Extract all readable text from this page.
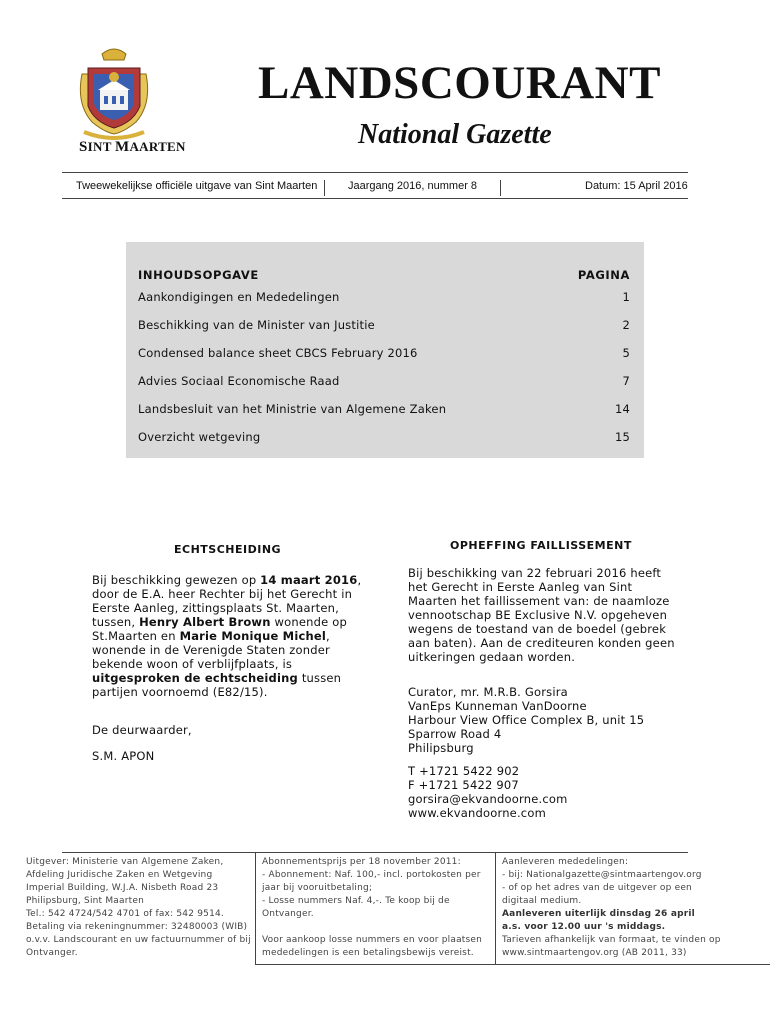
SINT MAARTEN
LANDSCOURANT
National Gazette
Tweewekelijkse officiële uitgave van Sint Maarten	Jaargang 2016, nummer 8	Datum: 15 April 2016
INHOUDSOPGAVE	PAGINA
Aankondigingen en Mededelingen	1
Beschikking van de Minister van Justitie	2
Condensed balance sheet CBCS February 2016	5
Advies Sociaal Economische Raad	7
Landsbesluit van het Ministrie van Algemene Zaken	14
Overzicht wetgeving	15
ECHTSCHEIDING
Bij beschikking gewezen op 14 maart 2016, door de E.A. heer Rechter bij het Gerecht in Eerste Aanleg, zittingsplaats St. Maarten, tussen, Henry Albert Brown wonende op St.Maarten en Marie Monique Michel, wonende in de Verenigde Staten zonder bekende woon of verblijfplaats, is uitgesproken de echtscheiding tussen partijen voornoemd (E82/15).
De deurwaarder,
S.M. APON
OPHEFFING FAILLISSEMENT
Bij beschikking van 22 februari 2016 heeft het Gerecht in Eerste Aanleg van Sint Maarten het faillissement van: de naamloze vennootschap BE Exclusive N.V. opgeheven wegens de toestand van de boedel (gebrek aan baten). Aan de crediteuren konden geen uitkeringen gedaan worden.
Curator, mr. M.R.B. Gorsira
VanEps Kunneman VanDoorne
Harbour View Office Complex B, unit 15
Sparrow Road 4
Philipsburg
T +1721 5422 902
F +1721 5422 907
gorsira@ekvandoorne.com
www.ekvandoorne.com
Uitgever: Ministerie van Algemene Zaken,
Afdeling Juridische Zaken en Wetgeving
Imperial Building, W.J.A. Nisbeth Road 23
Philipsburg, Sint Maarten
Tel.: 542 4724/542 4701 of fax: 542 9514.
Betaling via rekeningnummer: 32480003 (WIB)
o.v.v. Landscourant en uw factuurnummer of bij
Ontvanger.
Abonnementsprijs per 18 november 2011:
- Abonnement: Naf. 100,- incl. portokosten per
jaar bij vooruitbetaling;
- Losse nummers Naf. 4,-. Te koop bij de
Ontvanger.
Voor aankoop losse nummers en voor plaatsen
mededelingen is een betalingsbewijs vereist.
Aanleveren mededelingen:
- bij: Nationalgazette@sintmaartengov.org
- of op het adres van de uitgever op een
digitaal medium.
Aanleveren uiterlijk dinsdag 26 april
a.s. voor 12.00 uur 's middags.
Tarieven afhankelijk van formaat, te vinden op
www.sintmaartengov.org (AB 2011, 33)
